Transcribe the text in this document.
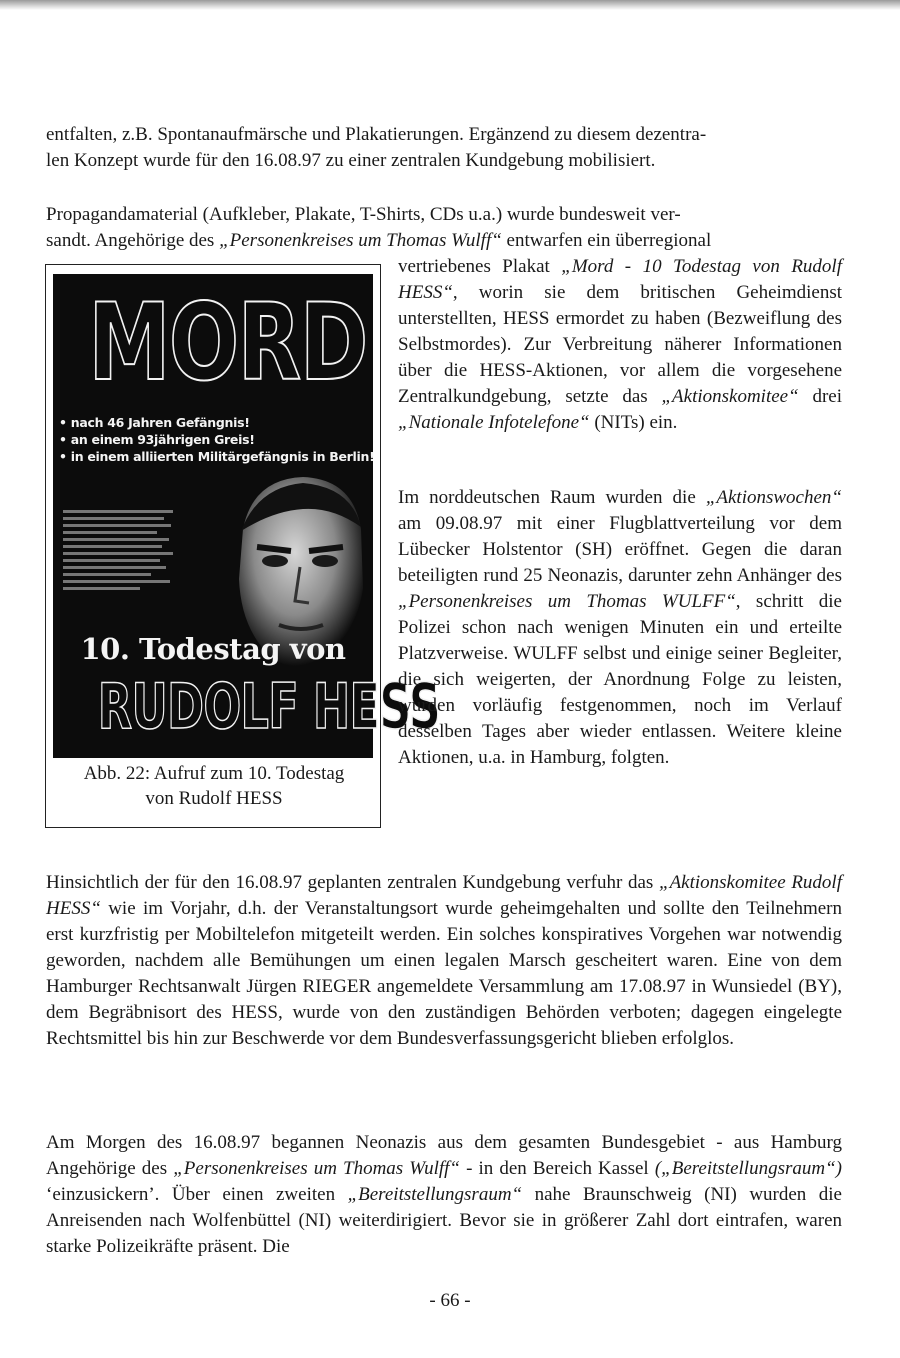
entfalten, z.B. Spontanaufmärsche und Plakatierungen. Ergänzend zu diesem dezentra-
len Konzept wurde für den 16.08.97 zu einer zentralen Kundgebung mobilisiert.

Propagandamaterial (Aufkleber, Plakate, T-Shirts, CDs u.a.) wurde bundesweit ver-
sandt. Angehörige des „Personenkreises um Thomas Wulff“ entwarfen ein überregional

MORD
• nach 46 Jahren Gefängnis!
• an einem 93jährigen Greis!
• in einem alliierten Militärgefängnis in Berlin!
10. Todestag von
RUDOLF HESS
Abb. 22: Aufruf zum 10. Todestag
von Rudolf HESS

vertriebenes Plakat „Mord - 10 Todestag von Rudolf HESS“, worin sie dem britischen Geheimdienst unterstellten, HESS ermordet zu haben (Bezweiflung des Selbstmordes). Zur Verbreitung näherer Informationen über die HESS-Aktionen, vor allem die vorgesehene Zentralkundgebung, setzte das „Aktionskomitee“ drei „Nationale Infotelefone“ (NITs) ein.

Im norddeutschen Raum wurden die „Aktionswochen“ am 09.08.97 mit einer Flugblattverteilung vor dem Lübecker Holstentor (SH) eröffnet. Gegen die daran beteiligten rund 25 Neonazis, darunter zehn Anhänger des „Personenkreises um Thomas WULFF“, schritt die Polizei schon nach wenigen Minuten ein und erteilte Platzverweise. WULFF selbst und einige seiner Begleiter, die sich weigerten, der Anordnung Folge zu leisten, wurden vorläufig festgenommen, noch im Verlauf desselben Tages aber wieder entlassen. Weitere kleine Aktionen, u.a. in Hamburg, folgten.

Hinsichtlich der für den 16.08.97 geplanten zentralen Kundgebung verfuhr das „Aktionskomitee Rudolf HESS“ wie im Vorjahr, d.h. der Veranstaltungsort wurde geheimgehalten und sollte den Teilnehmern erst kurzfristig per Mobiltelefon mitgeteilt werden. Ein solches konspiratives Vorgehen war notwendig geworden, nachdem alle Bemühungen um einen legalen Marsch gescheitert waren. Eine von dem Hamburger Rechtsanwalt Jürgen RIEGER angemeldete Versammlung am 17.08.97 in Wunsiedel (BY), dem Begräbnisort des HESS, wurde von den zuständigen Behörden verboten; dagegen eingelegte Rechtsmittel bis hin zur Beschwerde vor dem Bundesverfassungsgericht blieben erfolglos.

Am Morgen des 16.08.97 begannen Neonazis aus dem gesamten Bundesgebiet - aus Hamburg Angehörige des „Personenkreises um Thomas Wulff“ - in den Bereich Kassel („Bereitstellungsraum“) ‘einzusickern’. Über einen zweiten „Bereitstellungsraum“ nahe Braunschweig (NI) wurden die Anreisenden nach Wolfenbüttel (NI) weiterdirigiert. Bevor sie in größerer Zahl dort eintrafen, waren starke Polizeikräfte präsent. Die

- 66 -
